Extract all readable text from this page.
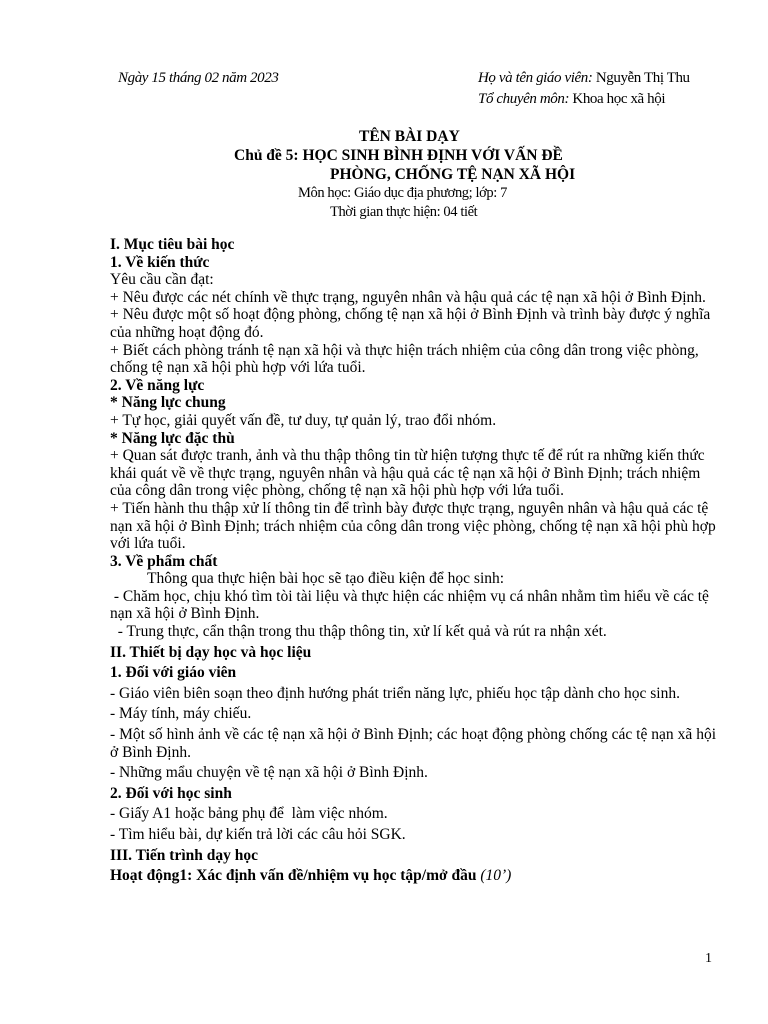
Ngày 15 tháng 02 năm 2023	Họ và tên giáo viên: Nguyễn Thị Thu
Tổ chuyên môn: Khoa học xã hội
TÊN BÀI DẠY
Chủ đề 5: HỌC SINH BÌNH ĐỊNH VỚI VẤN ĐỀ
PHÒNG, CHỐNG TỆ NẠN XÃ HỘI
Môn học: Giáo dục địa phương; lớp: 7
Thời gian thực hiện: 04 tiết

I. Mục tiêu bài học

1. Về kiến thức

Yêu cầu cần đạt:

+ Nêu được các nét chính về thực trạng, nguyên nhân và hậu quả các tệ nạn xã hội ở Bình Định.

+ Nêu được một số hoạt động phòng, chống tệ nạn xã hội ở Bình Định và trình bày được ý nghĩa của những hoạt động đó.

+ Biết cách phòng tránh tệ nạn xã hội và thực hiện trách nhiệm của công dân trong việc phòng, chống tệ nạn xã hội phù hợp với lứa tuổi.

2. Về năng lực

* Năng lực chung

+ Tự học, giải quyết vấn đề, tư duy, tự quản lý, trao đổi nhóm.

* Năng lực đặc thù

+ Quan sát được tranh, ảnh và thu thập thông tin từ hiện tượng thực tế để rút ra những kiến thức khái quát về về thực trạng, nguyên nhân và hậu quả các tệ nạn xã hội ở Bình Định; trách nhiệm của công dân trong việc phòng, chống tệ nạn xã hội phù hợp với lứa tuổi.

+ Tiến hành thu thập xử lí thông tin để trình bày được thực trạng, nguyên nhân và hậu quả các tệ nạn xã hội ở Bình Định; trách nhiệm của công dân trong việc phòng, chống tệ nạn xã hội phù hợp với lứa tuổi.

3. Về phẩm chất

Thông qua thực hiện bài học sẽ tạo điều kiện để học sinh:

- Chăm học, chịu khó tìm tòi tài liệu và thực hiện các nhiệm vụ cá nhân nhằm tìm hiểu về các tệ nạn xã hội ở Bình Định.

- Trung thực, cẩn thận trong thu thập thông tin, xử lí kết quả và rút ra nhận xét.

II. Thiết bị dạy học và học liệu

1. Đối với giáo viên

- Giáo viên biên soạn theo định hướng phát triển năng lực, phiếu học tập dành cho học sinh.

- Máy tính, máy chiếu.

- Một số hình ảnh về các tệ nạn xã hội ở Bình Định; các hoạt động phòng chống các tệ nạn xã hội ở Bình Định.

- Những mẩu chuyện về tệ nạn xã hội ở Bình Định.

2. Đối với học sinh

- Giấy A1 hoặc bảng phụ để  làm việc nhóm.

- Tìm hiểu bài, dự kiến trả lời các câu hỏi SGK.

III. Tiến trình dạy học

Hoạt động1: Xác định vấn đề/nhiệm vụ học tập/mở đầu (10’)

1
